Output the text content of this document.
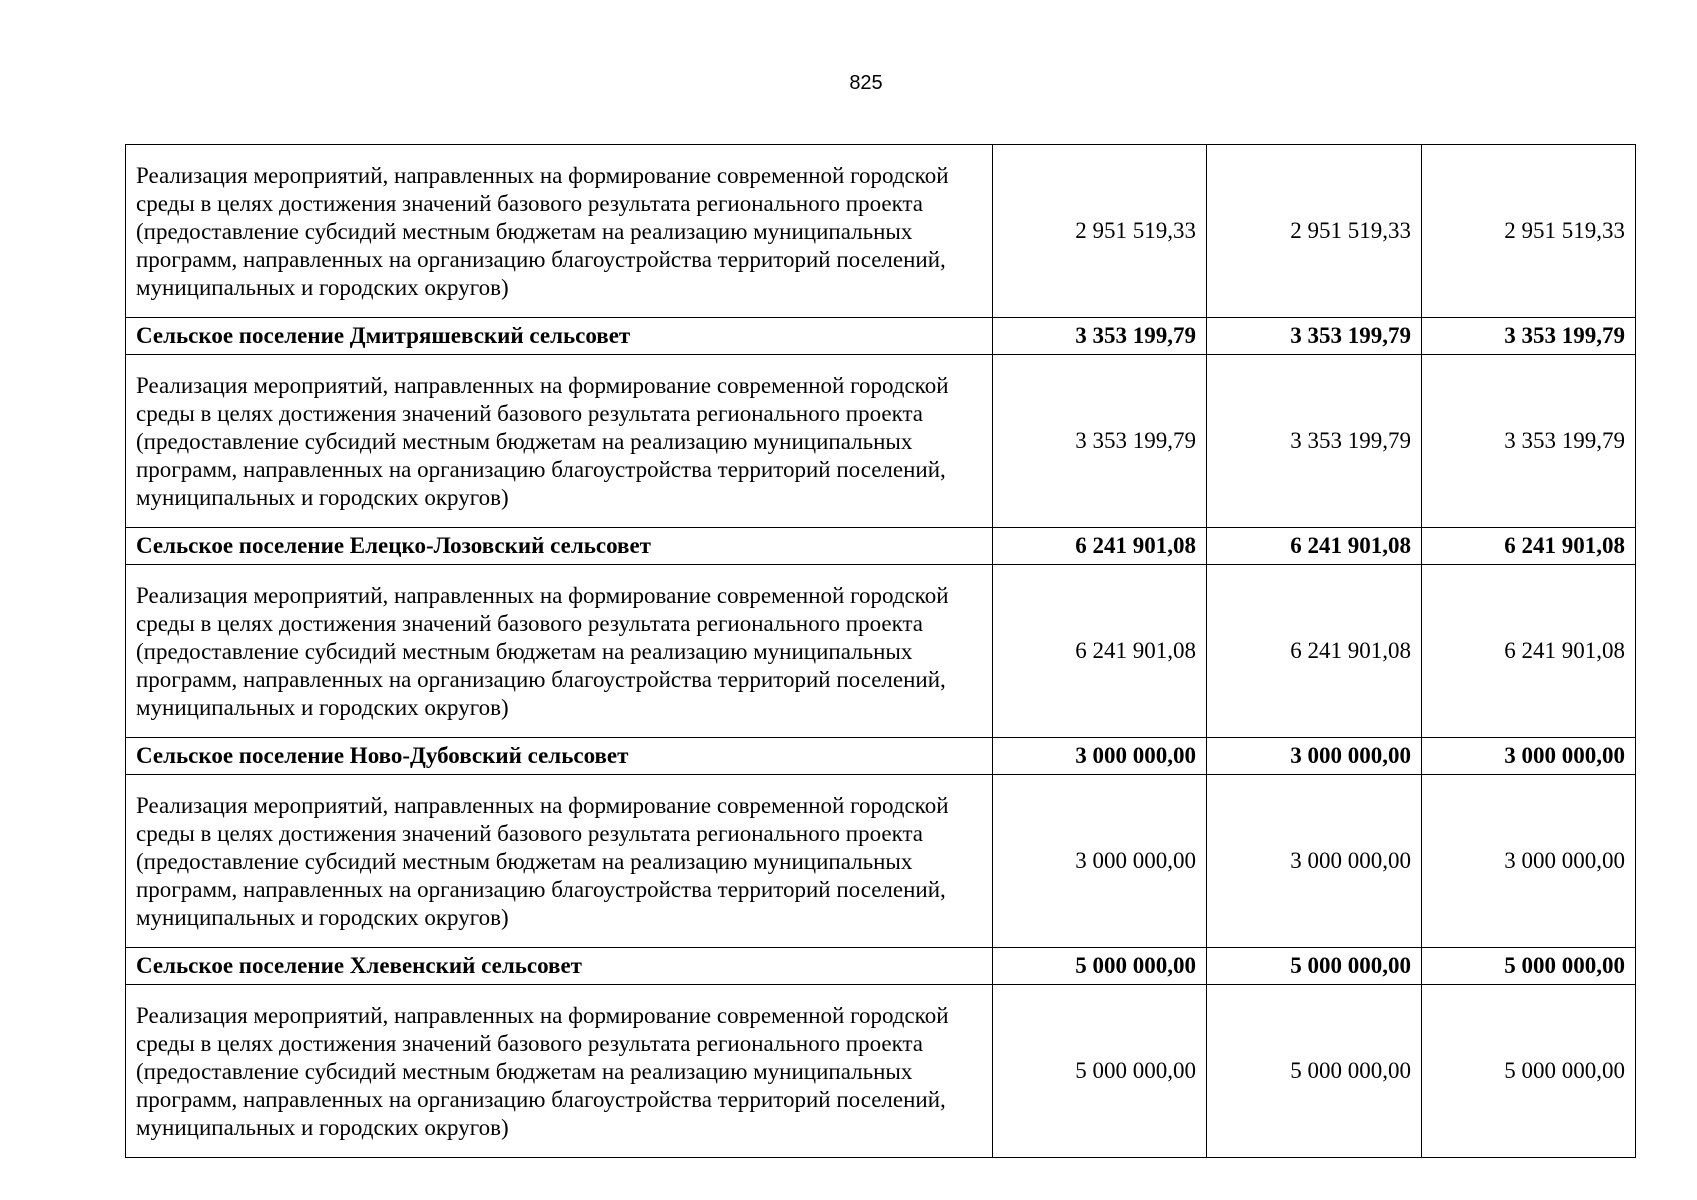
825
Реализация мероприятий, направленных на формирование современной городской среды в целях достижения значений базового результата регионального проекта (предоставление субсидий местным бюджетам на реализацию муниципальных программ, направленных на организацию благоустройства территорий поселений, муниципальных и городских округов)	2 951 519,33	2 951 519,33	2 951 519,33
Сельское поселение Дмитряшевский сельсовет	3 353 199,79	3 353 199,79	3 353 199,79
Реализация мероприятий, направленных на формирование современной городской среды в целях достижения значений базового результата регионального проекта (предоставление субсидий местным бюджетам на реализацию муниципальных программ, направленных на организацию благоустройства территорий поселений, муниципальных и городских округов)	3 353 199,79	3 353 199,79	3 353 199,79
Сельское поселение Елецко-Лозовский сельсовет	6 241 901,08	6 241 901,08	6 241 901,08
Реализация мероприятий, направленных на формирование современной городской среды в целях достижения значений базового результата регионального проекта (предоставление субсидий местным бюджетам на реализацию муниципальных программ, направленных на организацию благоустройства территорий поселений, муниципальных и городских округов)	6 241 901,08	6 241 901,08	6 241 901,08
Сельское поселение Ново-Дубовский сельсовет	3 000 000,00	3 000 000,00	3 000 000,00
Реализация мероприятий, направленных на формирование современной городской среды в целях достижения значений базового результата регионального проекта (предоставление субсидий местным бюджетам на реализацию муниципальных программ, направленных на организацию благоустройства территорий поселений, муниципальных и городских округов)	3 000 000,00	3 000 000,00	3 000 000,00
Сельское поселение Хлевенский сельсовет	5 000 000,00	5 000 000,00	5 000 000,00
Реализация мероприятий, направленных на формирование современной городской среды в целях достижения значений базового результата регионального проекта (предоставление субсидий местным бюджетам на реализацию муниципальных программ, направленных на организацию благоустройства территорий поселений, муниципальных и городских округов)	5 000 000,00	5 000 000,00	5 000 000,00
